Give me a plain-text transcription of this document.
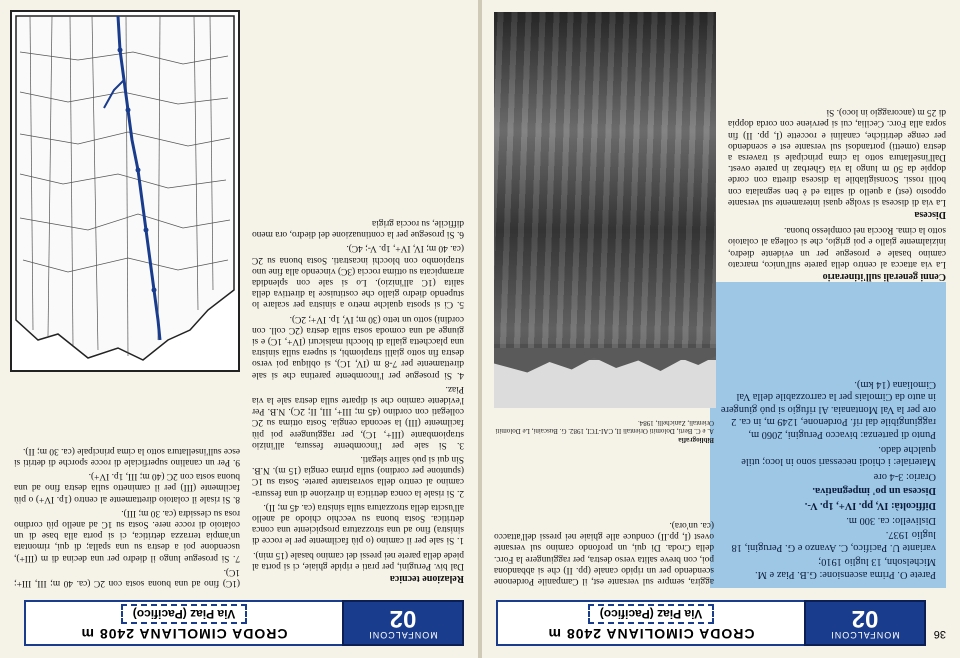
36
MONFALCONI
02
CRODA CIMOLIANA 2408 m
Via Piaz (Pacifico)

Parete O. Prima ascensione: G.B. Piaz e M. Michelsohn, 13 luglio 1910;

variante U. Pacifico, C. Avanzo e G. Perugini, 18 luglio 1937.

Dislivello: ca. 300 m.

Difficoltà: IV, pp. IV+, 1p. V-.

Discesa un po' impegnativa.

Orario: 3-4 ore

Materiale: i chiodi necessari sono in loco; utile qualche dado.

Punto di partenza: bivacco Perugini, 2060 m, raggiungibile dal rif. Pordenone, 1249 m, in ca. 2 ore per la Val Montanaia. Al rifugio si può giungere in auto da Cimolais per la carrozzabile della Val Cimoliana (14 km).

aggira, sempre sul versante est, il Campanile Pordenone scendendo per un ripido canale (pp. II) che si abbandona poi, con breve salita verso destra, per raggiungere la Forc. della Croda. Di qui, un profondo camino sul versante ovest (I, pp.II) conduce alle ghiaie nei pressi dell'attacco (ca. un'ora).

Bibliografia
A. e C. Berti, Dolomiti Orientali II, CAI-TCI, 1982. G. Buscaini, Le Dolomiti Orientali, Zanichelli, 1984.
Cenni generali sull'itinerario

La via attacca al centro della parete sull'unico, marcato camino basale e prosegue per un evidente diedro, inizialmente giallo e poi grigio, che si collega al colatoio sotto la cima. Roccia nel complesso buona.

Discesa

La via di discesa si svolge quasi interamente sul versante opposto (est) a quello di salita ed è ben segnalata con bolli rossi. Sconsigliabile la discesa diretta con corde doppie da 50 m lungo la via Gherbaz in parete ovest. Dall'insellatura sotto la cima principale si traversa a destra (ometti) portandosi sul versante est e scendendo per cenge detritiche, canalini e roccette (I, pp. II) fin sopra alla Forc. Cecilia, cui si perviene con corda doppia di 25 m (ancoraggio in loco). Si

MONFALCONI
02
CRODA CIMOLIANA 2408 m
Via Piaz (Pacifico)
Relazione tecnica

Dal biv. Perugini, per prati e ripide ghiaie, ci si porta al piede della parete nei pressi del camino basale (15 min).

1. Si sale per il camino (o più facilmente per le rocce di sinistra) fino ad una strozzatura prospiciente una conca detritica. Sosta buona su vecchio chiodo ad anello all'uscita della strozzatura sulla sinistra (ca. 45 m; II).

2. Si risale la conca detritica in direzione di una fessura-camino al centro della sovrastante parete. Sosta su 1C (spuntone per cordino) sulla prima cengia (15 m). N.B. Sin qui si può salire slegati.

3. Si sale per l'incombente fessura, all'inizio strapiombante (III+, 1C), per raggiungere poi più facilmente (III) la seconda cengia. Sosta ottima su 2C collegati con cordino (45 m; III+, III, II; 2C). N.B. Per l'evidente camino che si diparte sulla destra sale la via Piaz.

4. Si prosegue per l'incombente paretina che si sale direttamente per 7-8 m (IV, 1C), si obliqua poi verso destra fin sotto gialli strapiombi, si supera sulla sinistra una placchetta gialla di blocchi malsicuri (IV+, 1C) e si giunge ad una comoda sosta sulla destra (2C coll. con cordini) sotto un tetto (30 m; IV, 1p. IV+; 2C).

5. Ci si sposta qualche metro a sinistra per scalare lo stupendo diedro giallo che costituisce la direttiva della salita (1C all'inizio). Lo si sale con splendida arrampicata su ottima roccia (3C) vincendo alla fine uno strapiombo con blocchi incastrati. Sosta buona su 2C (ca. 40 m; IV, IV+, 1p. V-; 4C).

6. Si prosegue per la continuazione del diedro, ora meno difficile, su roccia grigia

(1C) fino ad una buona sosta con 2C (ca. 40 m; III, III+; 1C).

7. Si prosegue lungo il diedro per una decina di m (III+), uscendone poi a destra su una spalla; di qui, rimontata un'ampia terrazza detritica, ci si porta alla base di un colatoio di rocce nere. Sosta su 1C ad anello più cordino rosa su clessidra (ca. 30 m; III).

8. Si risale il colatoio direttamente al centro (1p. IV+) o più facilmente (III) per il caminetto sulla destra fino ad una buona sosta con 2C (40 m; III, 1p. IV+).

9. Per un canalino superficiale di rocce sporche di detriti si esce sull'insellatura sotto la cima principale (ca. 30 m; II).
